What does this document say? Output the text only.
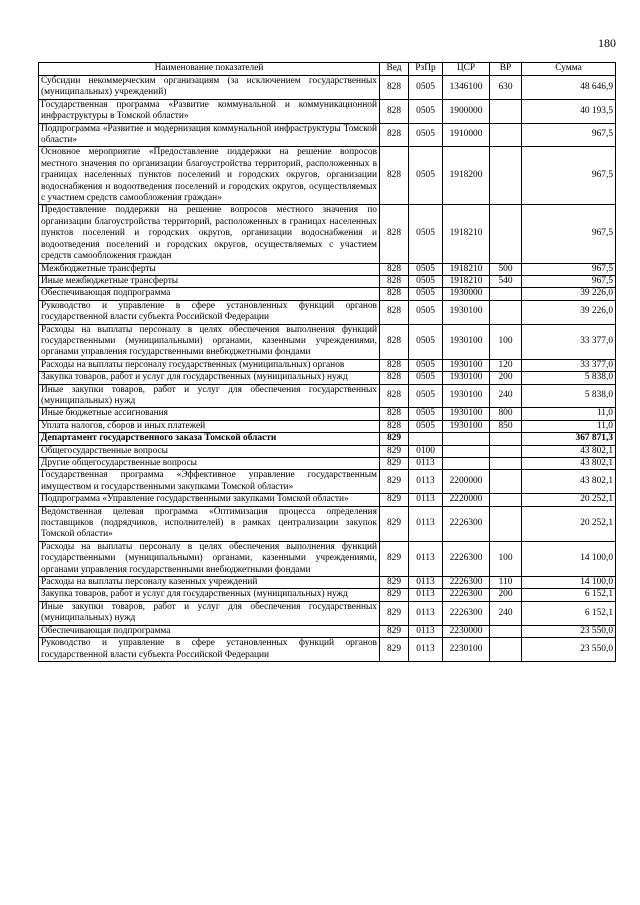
180
Наименование показателей	Вед	РзПр	ЦСР	ВР	Сумма
Субсидии некоммерческим организациям (за исключением государственных (муниципальных) учреждений)	828	0505	1346100	630	48 646,9
Государственная программа «Развитие коммунальной и коммуникационной инфраструктуры в Томской области»	828	0505	1900000		40 193,5
Подпрограмма «Развитие и модернизация коммунальной инфраструктуры Томской области»	828	0505	1910000		967,5
Основное мероприятие «Предоставление поддержки на решение вопросов местного значения по организации благоустройства территорий, расположенных в границах населенных пунктов поселений и городских округов, организации водоснабжения и водоотведения поселений и городских округов, осуществляемых с участием средств самообложения граждан»	828	0505	1918200		967,5
Предоставление поддержки на решение вопросов местного значения по организации благоустройства территорий, расположенных в границах населенных пунктов поселений и городских округов, организации водоснабжения и водоотведения поселений и городских округов, осуществляемых с участием средств самообложения граждан	828	0505	1918210		967,5
Межбюджетные трансферты	828	0505	1918210	500	967,5
Иные межбюджетные трансферты	828	0505	1918210	540	967,5
Обеспечивающая подпрограмма	828	0505	1930000		39 226,0
Руководство и управление в сфере установленных функций органов государственной власти субъекта Российской Федерации	828	0505	1930100		39 226,0
Расходы на выплаты персоналу в целях обеспечения выполнения функций государственными (муниципальными) органами, казенными учреждениями, органами управления государственными внебюджетными фондами	828	0505	1930100	100	33 377,0
Расходы на выплаты персоналу государственных (муниципальных) органов	828	0505	1930100	120	33 377,0
Закупка товаров, работ и услуг для государственных (муниципальных) нужд	828	0505	1930100	200	5 838,0
Иные закупки товаров, работ и услуг для обеспечения государственных (муниципальных) нужд	828	0505	1930100	240	5 838,0
Иные бюджетные ассигнования	828	0505	1930100	800	11,0
Уплата налогов, сборов и иных платежей	828	0505	1930100	850	11,0
Департамент государственного заказа Томской области	829				367 871,3
Общегосударственные вопросы	829	0100			43 802,1
Другие общегосударственные вопросы	829	0113			43 802,1
Государственная программа «Эффективное управление государственным имуществом и государственными закупками Томской области»	829	0113	2200000		43 802,1
Подпрограмма «Управление государственными закупками Томской области»	829	0113	2220000		20 252,1
Ведомственная целевая программа «Оптимизация процесса определения поставщиков (подрядчиков, исполнителей) в рамках централизации закупок Томской области»	829	0113	2226300		20 252,1
Расходы на выплаты персоналу в целях обеспечения выполнения функций государственными (муниципальными) органами, казенными учреждениями, органами управления государственными внебюджетными фондами	829	0113	2226300	100	14 100,0
Расходы на выплаты персоналу казенных учреждений	829	0113	2226300	110	14 100,0
Закупка товаров, работ и услуг для государственных (муниципальных) нужд	829	0113	2226300	200	6 152,1
Иные закупки товаров, работ и услуг для обеспечения государственных (муниципальных) нужд	829	0113	2226300	240	6 152,1
Обеспечивающая подпрограмма	829	0113	2230000		23 550,0
Руководство и управление в сфере установленных функций органов государственной власти субъекта Российской Федерации	829	0113	2230100		23 550,0
